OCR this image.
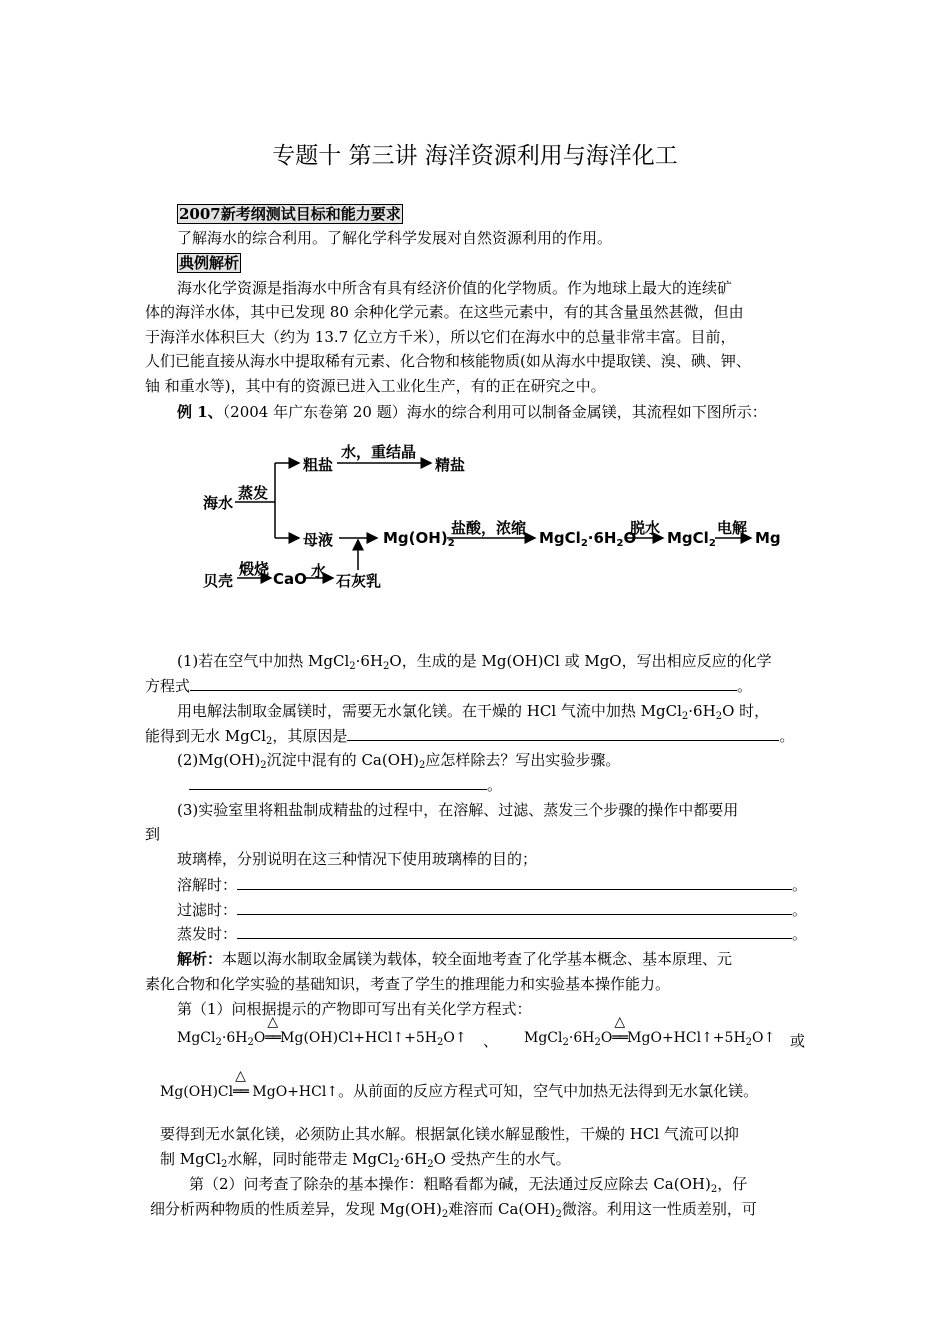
专题十 第三讲 海洋资源利用与海洋化工
2007新考纲测试目标和能力要求
了解海水的综合利用。了解化学科学发展对自然资源利用的作用。
典例解析
海水化学资源是指海水中所含有具有经济价值的化学物质。作为地球上最大的连续矿
体的海洋水体，其中已发现 80 余种化学元素。在这些元素中，有的其含量虽然甚微，但由
于海洋水体积巨大（约为 13.7 亿立方千米），所以它们在海水中的总量非常丰富。目前，
人们已能直接从海水中提取稀有元素、化合物和核能物质(如从海水中提取镁、溴、碘、钾、
铀 和重水等)，其中有的资源已进入工业化生产，有的正在研究之中。
例 1、（2004 年广东卷第 20 题）海水的综合利用可以制备金属镁，其流程如下图所示：
海水
蒸发
粗盐
水，重结晶
精盐
母液	$Mg(OH)_2$
盐酸，浓缩
$MgCl_2\cdot 6H_2O$
脱水
MgCl$_2$
电解
Mg
贝壳
煅烧
CaO 水
石灰乳
(1)若在空气中加热 $MgCl_2\cdot 6H_2O$，生成的是 Mg(OH)Cl 或 MgO，写出相应反应的化学
方程式	。
用电解法制取金属镁时，需要无水氯化镁。在干燥的 HCl 气流中加热 $MgCl_2\cdot 6H_2O$ 时，
能得到无水 MgCl$_2$，其原因是	。
$(2)Mg(OH)_2$沉淀中混有的 $Ca(OH)_2$应怎样除去？写出实验步骤。
。
(3)实验室里将粗盐制成精盐的过程中，在溶解、过滤、蒸发三个步骤的操作中都要用
到
玻璃棒，分别说明在这三种情况下使用玻璃棒的目的；
溶解时：	。
过滤时：	。
蒸发时：	。
解析：本题以海水制取金属镁为载体，较全面地考查了化学基本概念、基本原理、元
素化合物和化学实验的基础知识，考查了学生的推理能力和实验基本操作能力。
第（1）问根据提示的产物即可写出有关化学方程式：
$MgCl_2\cdot 6H_2O$
△
$══Mg(OH)Cl+HCl↑+5H_2O↑$ 、 $MgCl_2\cdot 6H_2O$
△
$══MgO+HCl↑+5H_2O↑$ 或
Mg(OH)Cl
△
══ MgO+HCl↑。从前面的反应方程式可知，空气中加热无法得到无水氯化镁。
要得到无水氯化镁，必须防止其水解。根据氯化镁水解显酸性，干燥的 HCl 气流可以抑
制 MgCl$_2$水解，同时能带走 $MgCl_2\cdot 6H_2O$ 受热产生的水气。
第（2）问考查了除杂的基本操作：粗略看都为碱，无法通过反应除去 $Ca(OH)_2$，仔
细分析两种物质的性质差异，发现 $Mg(OH)_2$难溶而 $Ca(OH)_2$微溶。利用这一性质差别，可
